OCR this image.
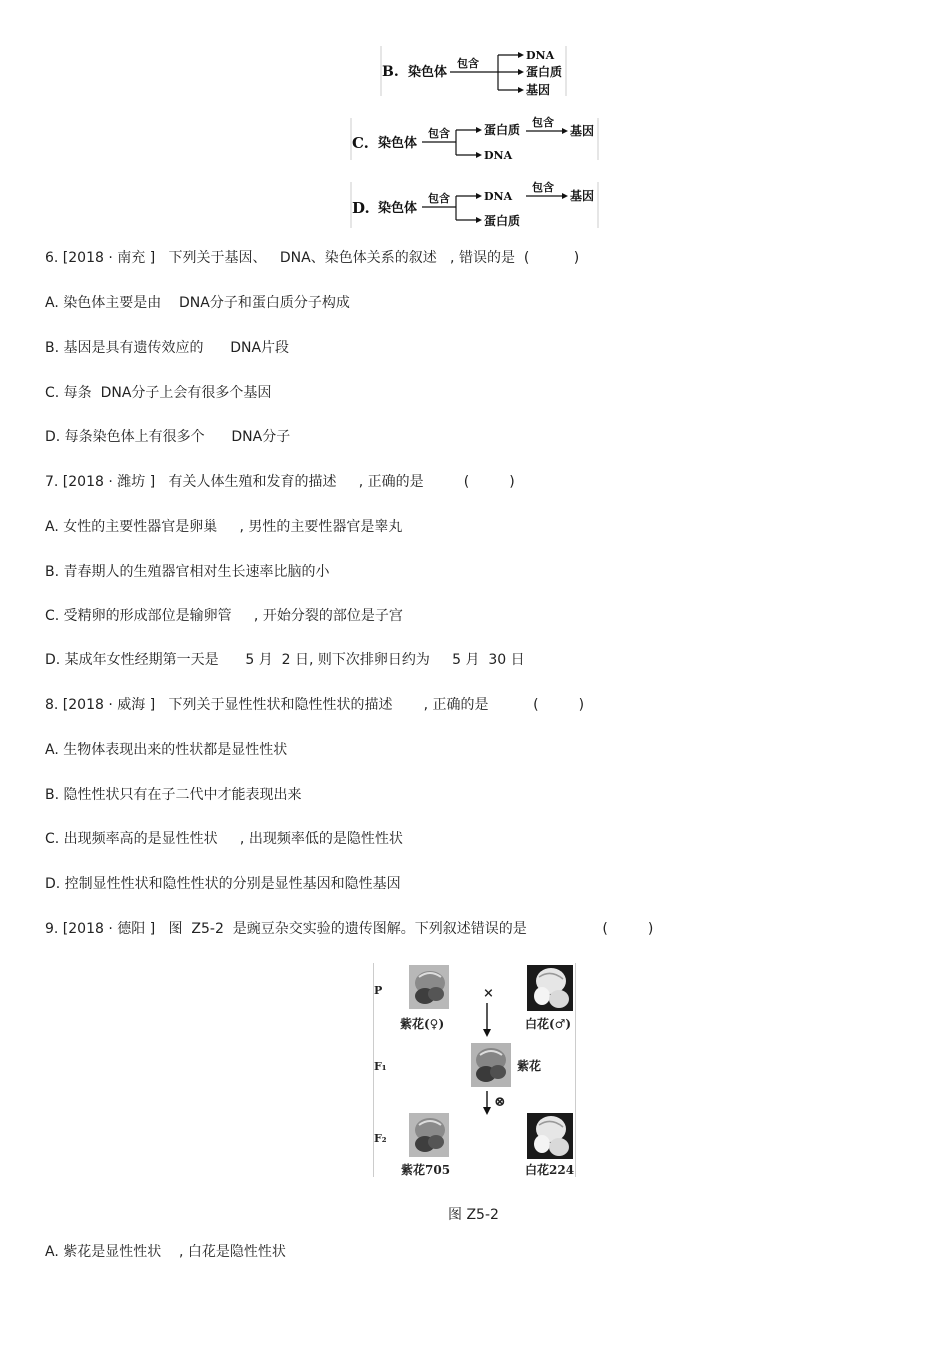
B. 染色体
包含
DNA
蛋白质
基因
C. 染色体
包含	蛋白质
DNA
包含
基因
D. 染色体
包含	DNA
蛋白质
包含
基因
6. [2018 · 南充 ]   下列关于基因、   DNA、染色体关系的叙述   , 错误的是  (          )
A. 染色体主要是由    DNA分子和蛋白质分子构成
B. 基因是具有遗传效应的      DNA片段
C. 每条  DNA分子上会有很多个基因
D. 每条染色体上有很多个      DNA分子
7. [2018 · 潍坊 ]   有关人体生殖和发育的描述     , 正确的是         (         )
A. 女性的主要性器官是卵巢     , 男性的主要性器官是睾丸
B. 青春期人的生殖器官相对生长速率比脑的小
C. 受精卵的形成部位是输卵管     , 开始分裂的部位是子宫
D. 某成年女性经期第一天是      5 月  2 日, 则下次排卵日约为     5 月  30 日
8. [2018 · 威海 ]   下列关于显性性状和隐性性状的描述       , 正确的是          (         )
A. 生物体表现出来的性状都是显性性状
B. 隐性性状只有在子二代中才能表现出来
C. 出现频率高的是显性性状     , 出现频率低的是隐性性状
D. 控制显性性状和隐性性状的分别是显性基因和隐性基因
9. [2018 · 德阳 ]   图  Z5-2  是豌豆杂交实验的遗传图解。下列叙述错误的是                 (         )
P
F₁
F₂
紫花(♀)
×
白花(♂)
紫花
⊗
紫花705	白花224
图 Z5-2
A. 紫花是显性性状    , 白花是隐性性状
